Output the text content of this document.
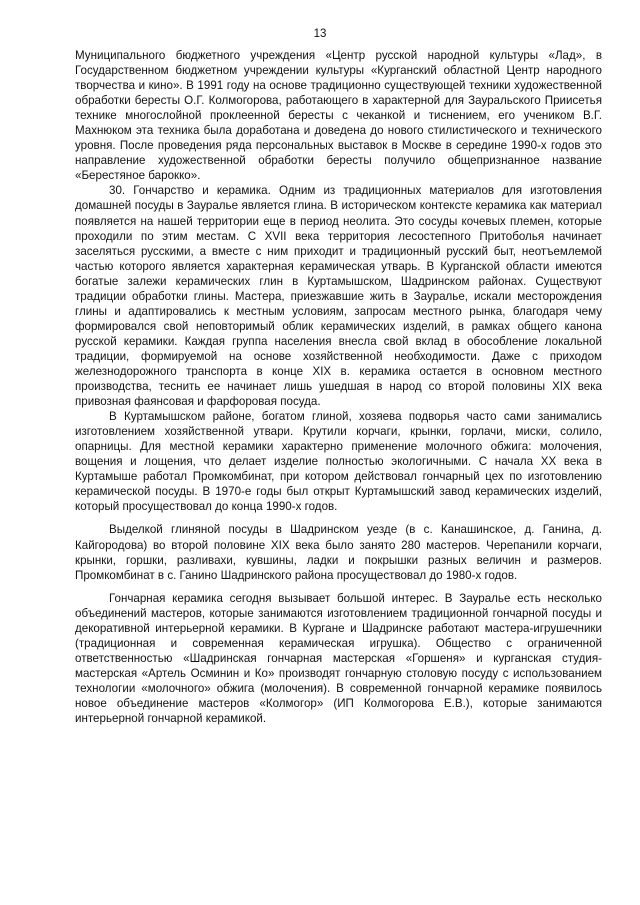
13

Муниципального бюджетного учреждения «Центр русской народной культуры «Лад», в Государственном бюджетном учреждении культуры «Курганский областной Центр народного творчества и кино». В 1991 году на основе традиционно существующей техники художественной обработки бересты О.Г. Колмогорова, работающего в характерной для Зауральского Приисетья технике многослойной проклеенной бересты с чеканкой и тиснением, его учеником В.Г. Махнюком эта техника была доработана и доведена до нового стилистического и технического уровня. После проведения ряда персональных выставок в Москве в середине 1990-х годов это направление художественной обработки бересты получило общепризнанное название «Берестяное барокко».

30. Гончарство и керамика. Одним из традиционных материалов для изготовления домашней посуды в Зауралье является глина. В историческом контексте керамика как материал появляется на нашей территории еще в период неолита. Это сосуды кочевых племен, которые проходили по этим местам. С XVII века территория лесостепного Притоболья начинает заселяться русскими, а вместе с ним приходит и традиционный русский быт, неотъемлемой частью которого является характерная керамическая утварь. В Курганской области имеются богатые залежи керамических глин в Куртамышском, Шадринском районах. Существуют традиции обработки глины. Мастера, приезжавшие жить в Зауралье, искали месторождения глины и адаптировались к местным условиям, запросам местного рынка, благодаря чему формировался свой неповторимый облик керамических изделий, в рамках общего канона русской керамики. Каждая группа населения внесла свой вклад в обособление локальной традиции, формируемой на основе хозяйственной необходимости. Даже с приходом железнодорожного транспорта в конце XIX в. керамика остается в основном местного производства, теснить ее начинает лишь ушедшая в народ со второй половины XIX века привозная фаянсовая и фарфоровая посуда.

В Куртамышском районе, богатом глиной, хозяева подворья часто сами занимались изготовлением хозяйственной утвари. Крутили корчаги, крынки, горлачи, миски, солило, опарницы. Для местной керамики характерно применение молочного обжига: молочения, вощения и лощения, что делает изделие полностью экологичными. С начала XX века в Куртамыше работал Промкомбинат, при котором действовал гончарный цех по изготовлению керамической посуды. В 1970-е годы был открыт Куртамышский завод керамических изделий, который просуществовал до конца 1990-х годов.

Выделкой глиняной посуды в Шадринском уезде (в с. Канашинское, д. Ганина, д. Кайгородова) во второй половине XIX века было занято 280 мастеров. Черепанили корчаги, крынки, горшки, разливахи, кувшины, ладки и покрышки разных величин и размеров. Промкомбинат в с. Ганино Шадринского района просуществовал до 1980-х годов.

Гончарная керамика сегодня вызывает большой интерес. В Зауралье есть несколько объединений мастеров, которые занимаются изготовлением традиционной гончарной посуды и декоративной интерьерной керамики. В Кургане и Шадринске работают мастера-игрушечники (традиционная и современная керамическая игрушка). Общество с ограниченной ответственностью «Шадринская гончарная мастерская «Горшеня» и курганская студия-мастерская «Артель Осминин и Ко» производят гончарную столовую посуду с использованием технологии «молочного» обжига (молочения). В современной гончарной керамике появилось новое объединение мастеров «Колмогор» (ИП Колмогорова Е.В.), которые занимаются интерьерной гончарной керамикой.
